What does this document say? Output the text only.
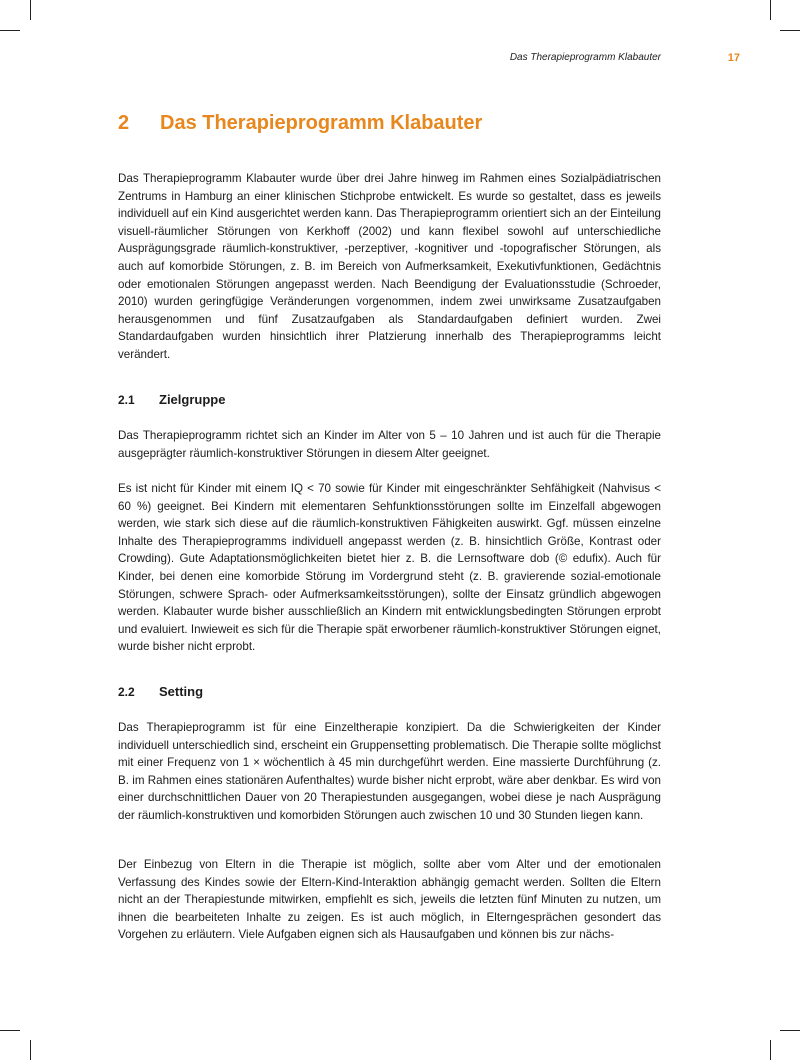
Das Therapieprogramm Klabauter	17
2 Das Therapieprogramm Klabauter

Das Therapieprogramm Klabauter wurde über drei Jahre hinweg im Rahmen eines Sozialpädiatrischen Zentrums in Hamburg an einer klinischen Stichprobe entwickelt. Es wurde so gestaltet, dass es jeweils individuell auf ein Kind ausgerichtet werden kann. Das Therapieprogramm orientiert sich an der Einteilung visuell-räumlicher Störungen von Kerkhoff (2002) und kann flexibel sowohl auf unterschiedliche Ausprägungsgrade räumlich-konstruktiver, -perzeptiver, -kognitiver und -topografischer Störungen, als auch auf komorbide Störungen, z. B. im Bereich von Aufmerksamkeit, Exekutivfunktionen, Gedächtnis oder emotionalen Störungen angepasst werden. Nach Beendigung der Evaluationsstudie (Schroeder, 2010) wurden geringfügige Veränderungen vorgenommen, indem zwei unwirksame Zusatzaufgaben herausgenommen und fünf Zusatzaufgaben als Standardaufgaben definiert wurden. Zwei Standardaufgaben wurden hinsichtlich ihrer Platzierung innerhalb des Therapieprogramms leicht verändert.

2.1 Zielgruppe

Das Therapieprogramm richtet sich an Kinder im Alter von 5 – 10 Jahren und ist auch für die Therapie ausgeprägter räumlich-konstruktiver Störungen in diesem Alter geeignet.

Es ist nicht für Kinder mit einem IQ < 70 sowie für Kinder mit eingeschränkter Sehfähigkeit (Nahvisus < 60 %) geeignet. Bei Kindern mit elementaren Sehfunktionsstörungen sollte im Einzelfall abgewogen werden, wie stark sich diese auf die räumlich-konstruktiven Fähigkeiten auswirkt. Ggf. müssen einzelne Inhalte des Therapieprogramms individuell angepasst werden (z. B. hinsichtlich Größe, Kontrast oder Crowding). Gute Adaptationsmöglichkeiten bietet hier z. B. die Lernsoftware dob (© edufix). Auch für Kinder, bei denen eine komorbide Störung im Vordergrund steht (z. B. gravierende sozial-emotionale Störungen, schwere Sprach- oder Aufmerksamkeitsstörungen), sollte der Einsatz gründlich abgewogen werden. Klabauter wurde bisher ausschließlich an Kindern mit entwicklungsbedingten Störungen erprobt und evaluiert. Inwieweit es sich für die Therapie spät erworbener räumlich-konstruktiver Störungen eignet, wurde bisher nicht erprobt.

2.2 Setting

Das Therapieprogramm ist für eine Einzeltherapie konzipiert. Da die Schwierigkeiten der Kinder individuell unterschiedlich sind, erscheint ein Gruppensetting problematisch. Die Therapie sollte möglichst mit einer Frequenz von 1 × wöchentlich à 45 min durchgeführt werden. Eine massierte Durchführung (z. B. im Rahmen eines stationären Aufenthaltes) wurde bisher nicht erprobt, wäre aber denkbar. Es wird von einer durchschnittlichen Dauer von 20 Therapiestunden ausgegangen, wobei diese je nach Ausprägung der räumlich-konstruktiven und komorbiden Störungen auch zwischen 10 und 30 Stunden liegen kann.

Der Einbezug von Eltern in die Therapie ist möglich, sollte aber vom Alter und der emotionalen Verfassung des Kindes sowie der Eltern-Kind-Interaktion abhängig gemacht werden. Sollten die Eltern nicht an der Therapiestunde mitwirken, empfiehlt es sich, jeweils die letzten fünf Minuten zu nutzen, um ihnen die bearbeiteten Inhalte zu zeigen. Es ist auch möglich, in Elterngesprächen gesondert das Vorgehen zu erläutern. Viele Aufgaben eignen sich als Hausaufgaben und können bis zur nächs-
